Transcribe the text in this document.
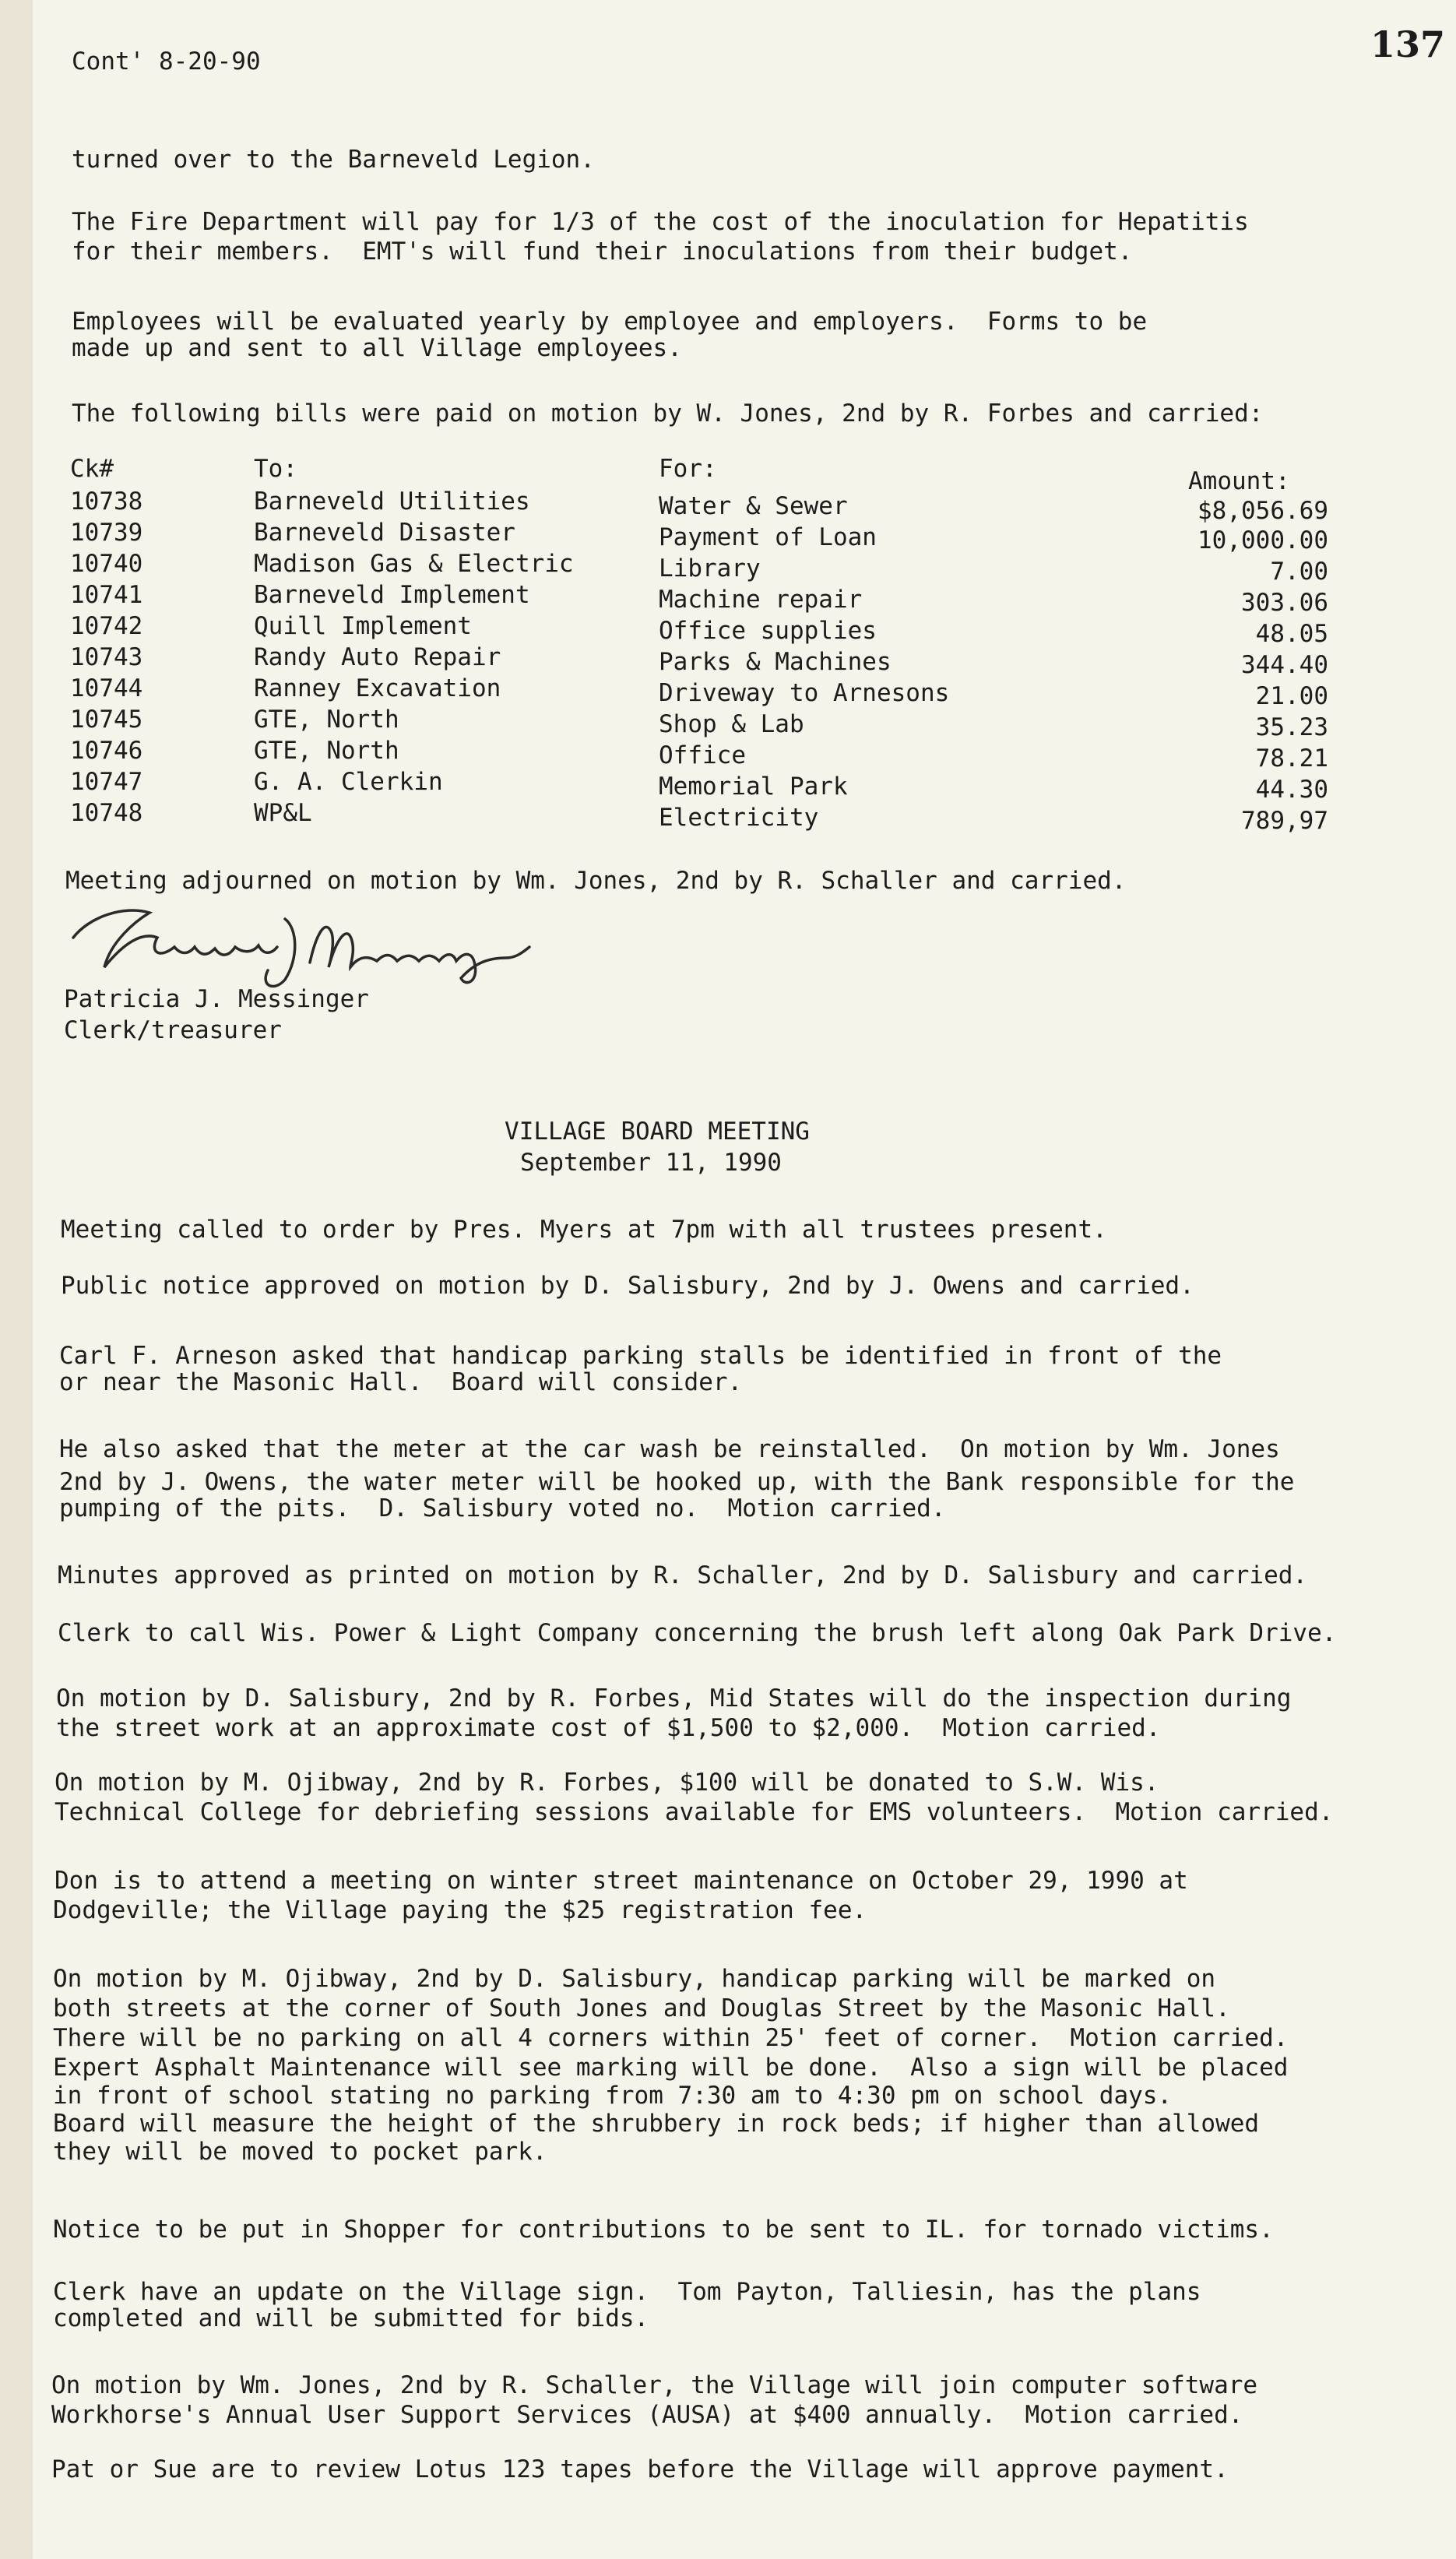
Cont' 8-20-90	137
turned over to the Barneveld Legion.
The Fire Department will pay for 1/3 of the cost of the inoculation for Hepatitis
for their members.  EMT's will fund their inoculations from their budget.
Employees will be evaluated yearly by employee and employers.  Forms to be
made up and sent to all Village employees.
The following bills were paid on motion by W. Jones, 2nd by R. Forbes and carried:
Ck#	To:	For:	Amount:
10738	Barneveld Utilities	Water & Sewer	$8,056.69
10739	Barneveld Disaster	Payment of Loan	10,000.00
10740	Madison Gas & Electric	Library	7.00
10741	Barneveld Implement	Machine repair	303.06
10742	Quill Implement	Office supplies	48.05
10743	Randy Auto Repair	Parks & Machines	344.40
10744	Ranney Excavation	Driveway to Arnesons	21.00
10745	GTE, North	Shop & Lab	35.23
10746	GTE, North	Office	78.21
10747	G. A. Clerkin	Memorial Park	44.30
10748	WP&L	Electricity	789,97
Meeting adjourned on motion by Wm. Jones, 2nd by R. Schaller and carried.
Patricia J. Messinger
Clerk/treasurer
VILLAGE BOARD MEETING
September 11, 1990
Meeting called to order by Pres. Myers at 7pm with all trustees present.
Public notice approved on motion by D. Salisbury, 2nd by J. Owens and carried.
Carl F. Arneson asked that handicap parking stalls be identified in front of the
or near the Masonic Hall.  Board will consider.
He also asked that the meter at the car wash be reinstalled.  On motion by Wm. Jones
2nd by J. Owens, the water meter will be hooked up, with the Bank responsible for the
pumping of the pits.  D. Salisbury voted no.  Motion carried.
Minutes approved as printed on motion by R. Schaller, 2nd by D. Salisbury and carried.
Clerk to call Wis. Power & Light Company concerning the brush left along Oak Park Drive.
On motion by D. Salisbury, 2nd by R. Forbes, Mid States will do the inspection during
the street work at an approximate cost of $1,500 to $2,000.  Motion carried.
On motion by M. Ojibway, 2nd by R. Forbes, $100 will be donated to S.W. Wis.
Technical College for debriefing sessions available for EMS volunteers.  Motion carried.
Don is to attend a meeting on winter street maintenance on October 29, 1990 at
Dodgeville; the Village paying the $25 registration fee.
On motion by M. Ojibway, 2nd by D. Salisbury, handicap parking will be marked on
both streets at the corner of South Jones and Douglas Street by the Masonic Hall.
There will be no parking on all 4 corners within 25' feet of corner.  Motion carried.
Expert Asphalt Maintenance will see marking will be done.  Also a sign will be placed
in front of school stating no parking from 7:30 am to 4:30 pm on school days.
Board will measure the height of the shrubbery in rock beds; if higher than allowed
they will be moved to pocket park.
Notice to be put in Shopper for contributions to be sent to IL. for tornado victims.
Clerk have an update on the Village sign.  Tom Payton, Talliesin, has the plans
completed and will be submitted for bids.
On motion by Wm. Jones, 2nd by R. Schaller, the Village will join computer software
Workhorse's Annual User Support Services (AUSA) at $400 annually.  Motion carried.
Pat or Sue are to review Lotus 123 tapes before the Village will approve payment.
